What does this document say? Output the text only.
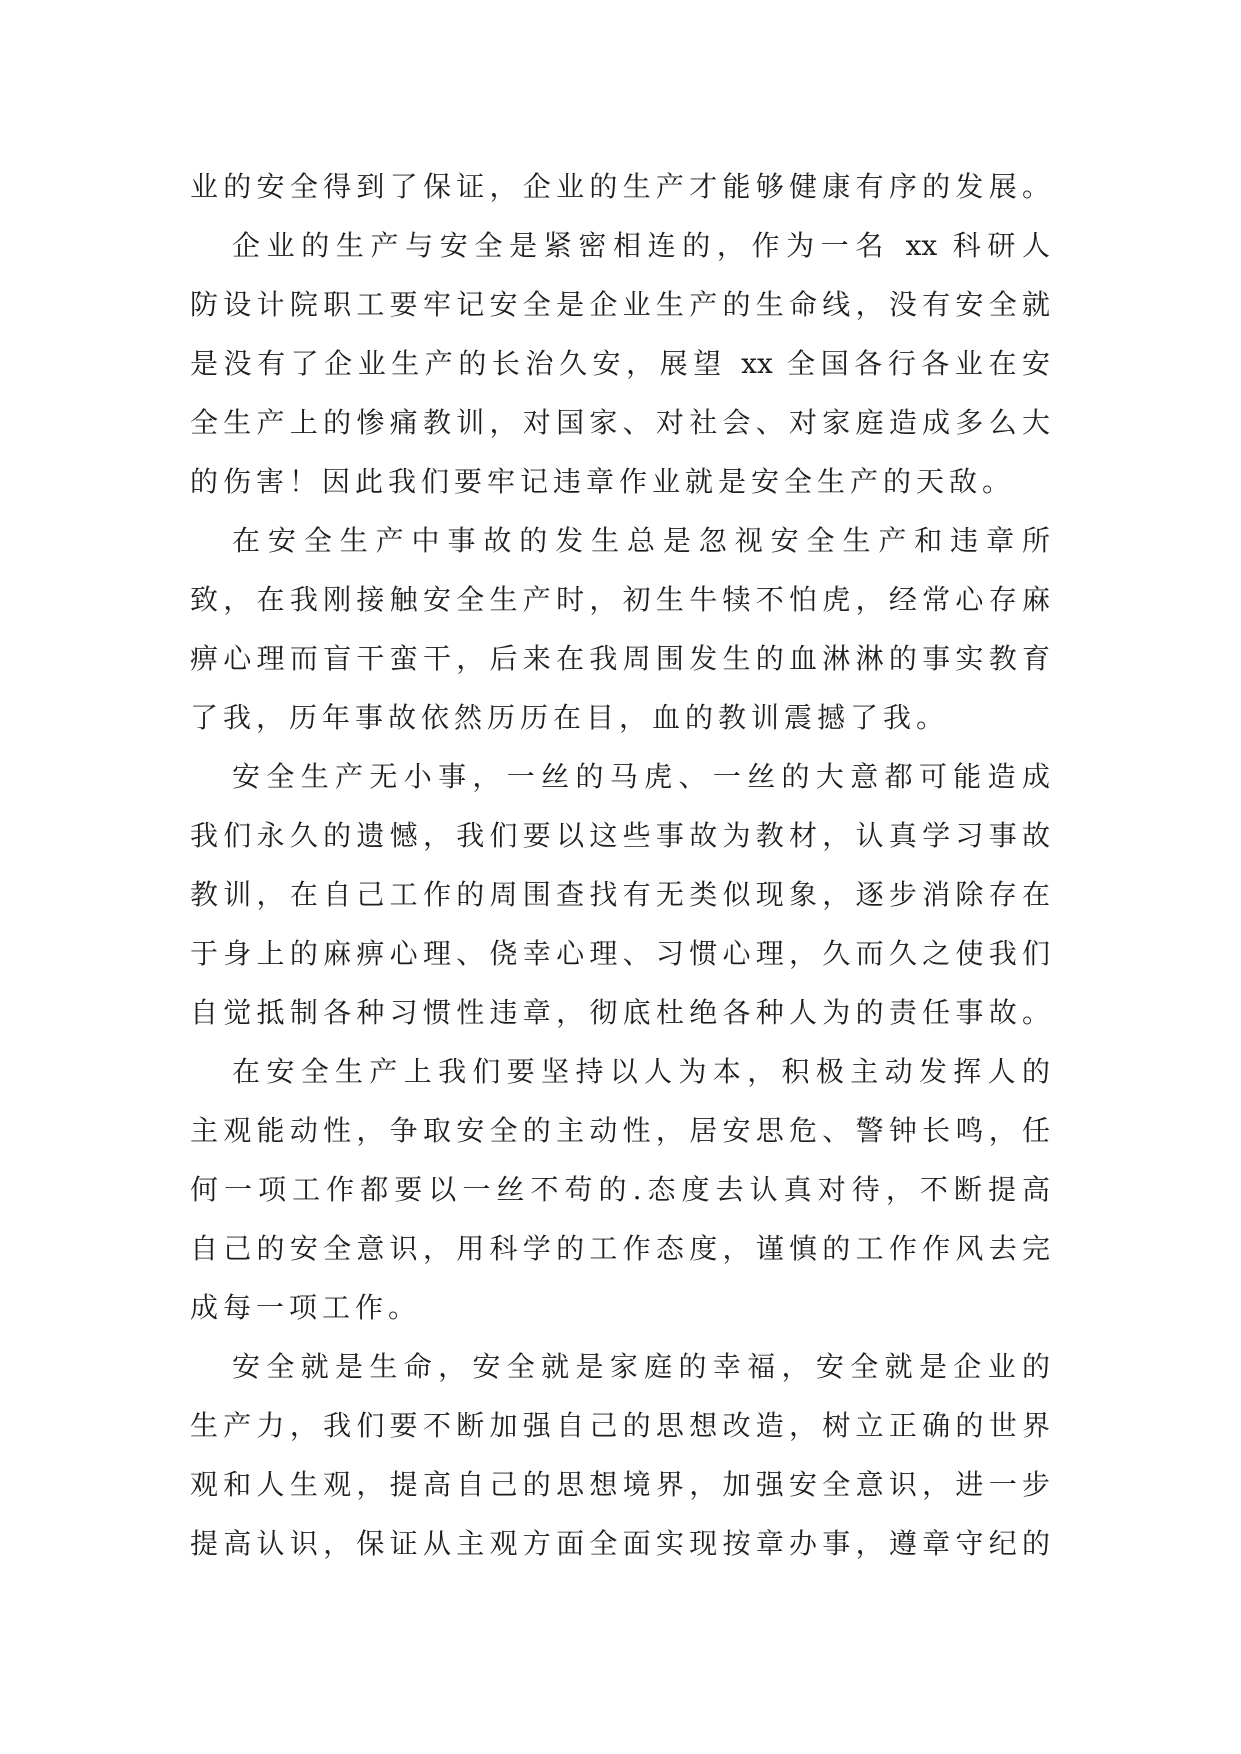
业的安全得到了保证，企业的生产才能够健康有序的发展。
企业的生产与安全是紧密相连的，作为一名 xx 科研人
防设计院职工要牢记安全是企业生产的生命线，没有安全就
是没有了企业生产的长治久安，展望 xx 全国各行各业在安
全生产上的惨痛教训，对国家、对社会、对家庭造成多么大
的伤害！因此我们要牢记违章作业就是安全生产的天敌。
在安全生产中事故的发生总是忽视安全生产和违章所
致，在我刚接触安全生产时，初生牛犊不怕虎，经常心存麻
痹心理而盲干蛮干，后来在我周围发生的血淋淋的事实教育
了我，历年事故依然历历在目，血的教训震撼了我。
安全生产无小事，一丝的马虎、一丝的大意都可能造成
我们永久的遗憾，我们要以这些事故为教材，认真学习事故
教训，在自己工作的周围查找有无类似现象，逐步消除存在
于身上的麻痹心理、侥幸心理、习惯心理，久而久之使我们
自觉抵制各种习惯性违章，彻底杜绝各种人为的责任事故。
在安全生产上我们要坚持以人为本，积极主动发挥人的
主观能动性，争取安全的主动性，居安思危、警钟长鸣，任
何一项工作都要以一丝不苟的.态度去认真对待，不断提高
自己的安全意识，用科学的工作态度，谨慎的工作作风去完
成每一项工作。
安全就是生命，安全就是家庭的幸福，安全就是企业的
生产力，我们要不断加强自己的思想改造，树立正确的世界
观和人生观，提高自己的思想境界，加强安全意识，进一步
提高认识，保证从主观方面全面实现按章办事，遵章守纪的
